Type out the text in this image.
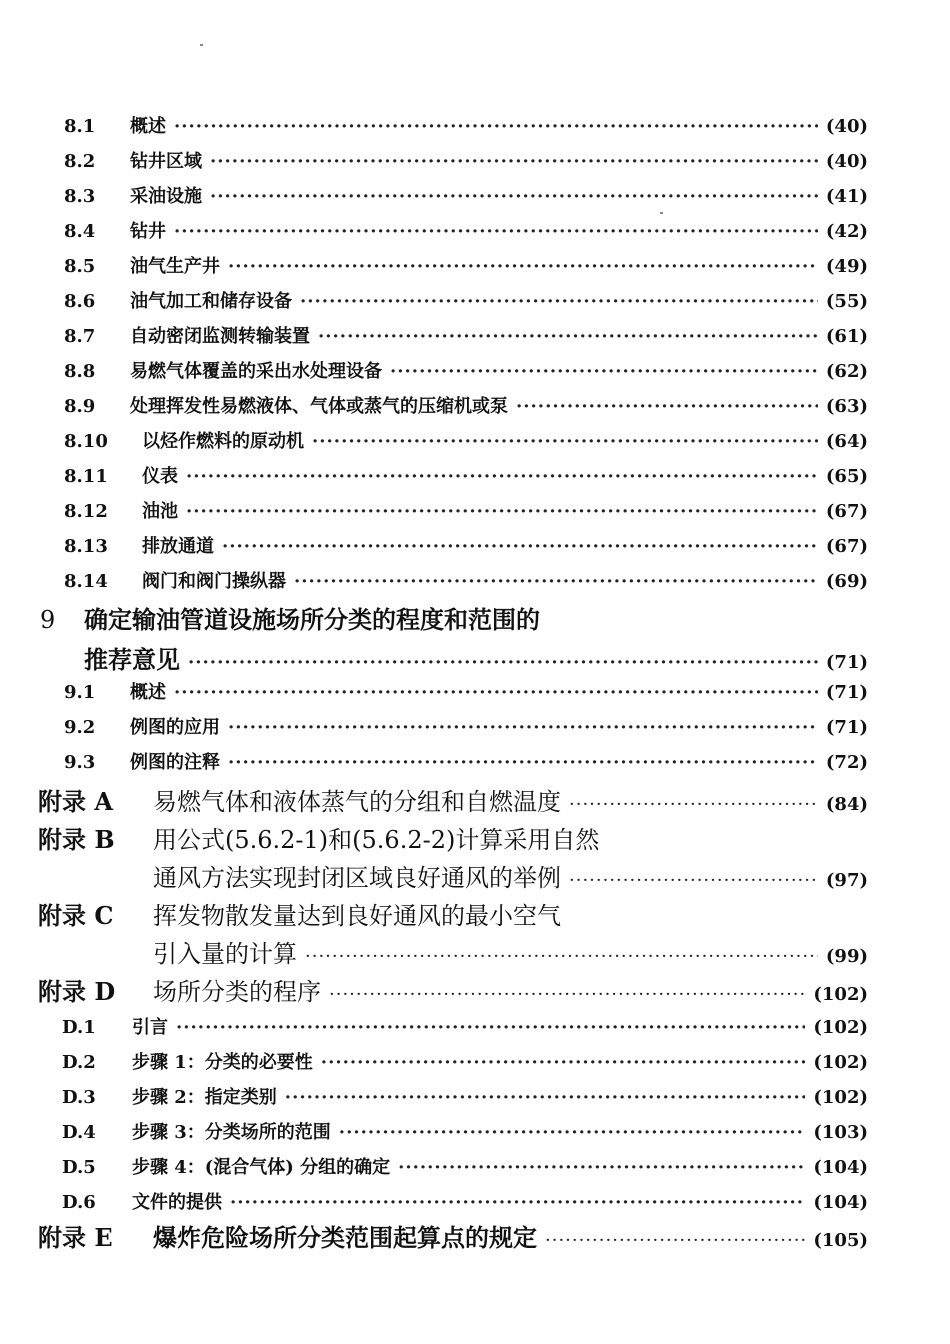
8.1	概述 ·····	(40)
8.2	钻井区域 ·····	(40)
8.3	采油设施 ·····	(41)
8.4	钻井 ·····	(42)
8.5	油气生产井 ·····	(49)
8.6	油气加工和储存设备 ·····	(55)
8.7	自动密闭监测转输装置 ·····	(61)
8.8	易燃气体覆盖的采出水处理设备 ·····	(62)
8.9	处理挥发性易燃液体、气体或蒸气的压缩机或泵 ·····	(63)
8.10	以烃作燃料的原动机 ·····	(64)
8.11	仪表 ·····	(65)
8.12	油池 ·····	(67)
8.13	排放通道 ·····	(67)
8.14	阀门和阀门操纵器 ·····	(69)
9	确定输油管道设施场所分类的程度和范围的
推荐意见 ·····	(71)
9.1	概述 ·····	(71)
9.2	例图的应用 ·····	(71)
9.3	例图的注释 ·····	(72)
附录 A	易燃气体和液体蒸气的分组和自燃温度 ·····	(84)
附录 B	用公式(5.6.2-1)和(5.6.2-2)计算采用自然
通风方法实现封闭区域良好通风的举例 ·····	(97)
附录 C	挥发物散发量达到良好通风的最小空气
引入量的计算 ·····	(99)
附录 D	场所分类的程序 ·····	(102)
D.1	引言 ·····	(102)
D.2	步骤 1：分类的必要性 ·····	(102)
D.3	步骤 2：指定类别 ·····	(102)
D.4	步骤 3：分类场所的范围 ·····	(103)
D.5	步骤 4：(混合气体) 分组的确定 ·····	(104)
D.6	文件的提供 ·····	(104)
附录 E	爆炸危险场所分类范围起算点的规定 ·····	(105)
